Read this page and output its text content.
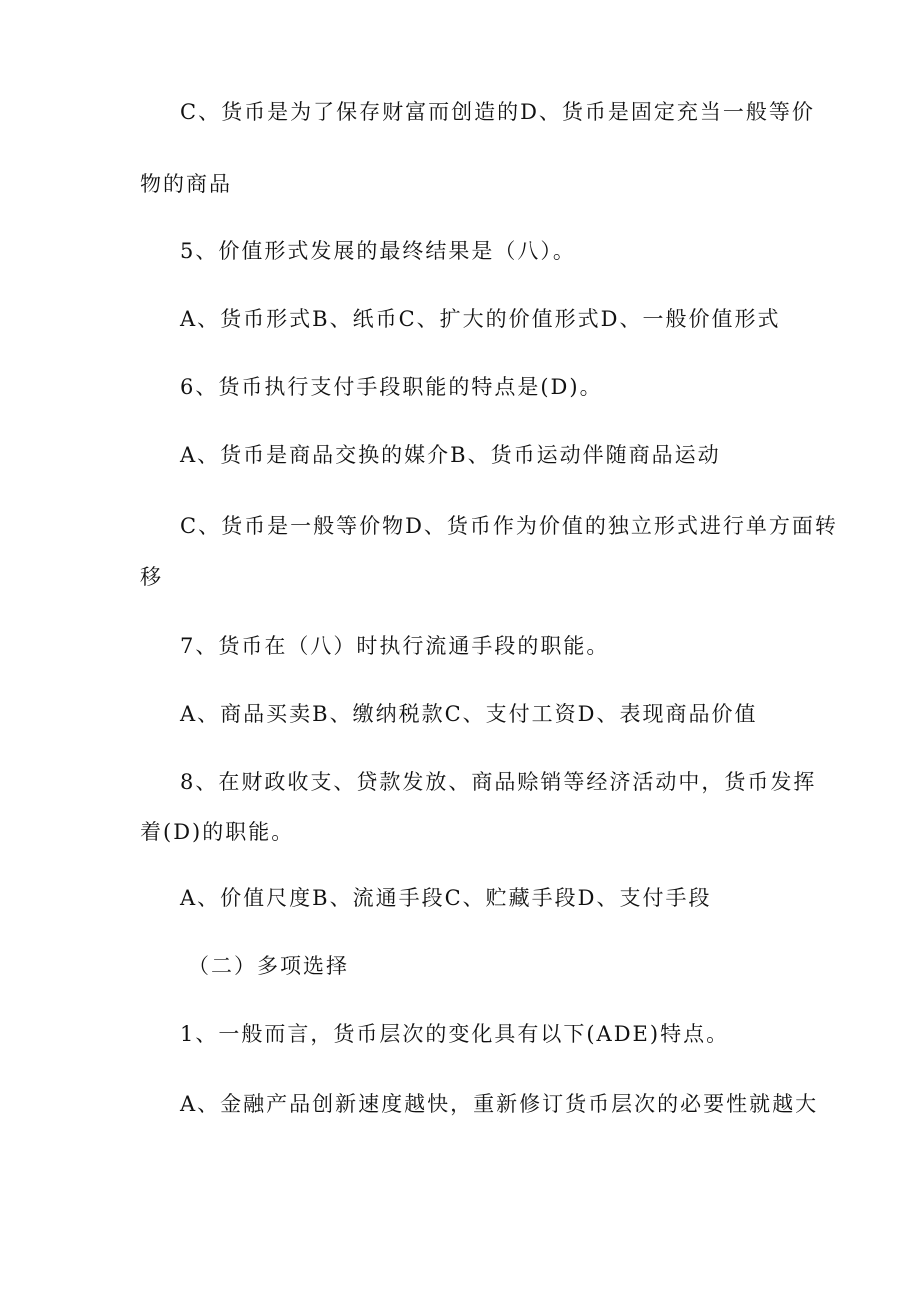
C、货币是为了保存财富而创造的D、货币是固定充当一般等价
物的商品
5、价值形式发展的最终结果是（八）。
A、货币形式B、纸币C、扩大的价值形式D、一般价值形式
6、货币执行支付手段职能的特点是(D)。
A、货币是商品交换的媒介B、货币运动伴随商品运动
C、货币是一般等价物D、货币作为价值的独立形式进行单方面转
移
7、货币在（八）时执行流通手段的职能。
A、商品买卖B、缴纳税款C、支付工资D、表现商品价值
8、在财政收支、贷款发放、商品赊销等经济活动中，货币发挥
着(D)的职能。
A、价值尺度B、流通手段C、贮藏手段D、支付手段
（二）多项选择
1、一般而言，货币层次的变化具有以下(ADE)特点。
A、金融产品创新速度越快，重新修订货币层次的必要性就越大
